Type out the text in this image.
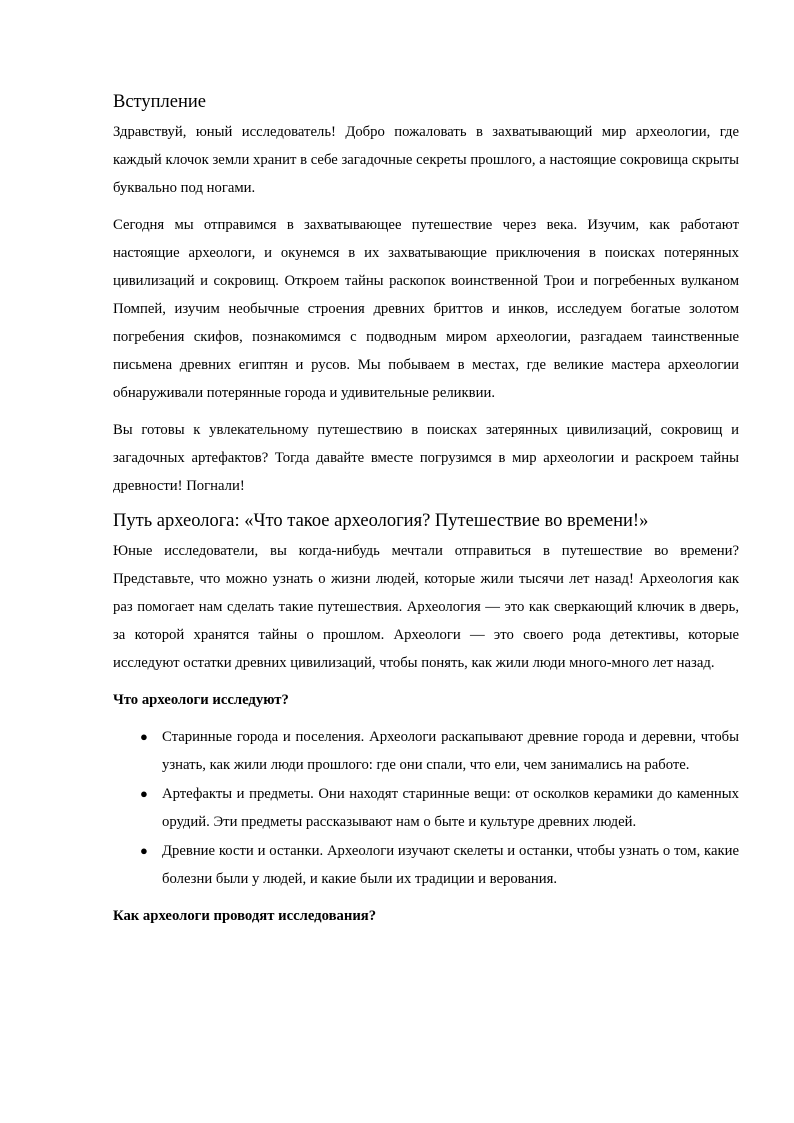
Вступление

Здравствуй, юный исследователь! Добро пожаловать в захватывающий мир археологии, где каждый клочок земли хранит в себе загадочные секреты прошлого, а настоящие сокровища скрыты буквально под ногами.

Сегодня мы отправимся в захватывающее путешествие через века. Изучим, как работают настоящие археологи, и окунемся в их захватывающие приключения в поисках потерянных цивилизаций и сокровищ. Откроем тайны раскопок воинственной Трои и погребенных вулканом Помпей, изучим необычные строения древних бриттов и инков, исследуем богатые золотом погребения скифов, познакомимся с подводным миром археологии, разгадаем таинственные письмена древних египтян и русов. Мы побываем в местах, где великие мастера археологии обнаруживали потерянные города и удивительные реликвии.

Вы готовы к увлекательному путешествию в поисках затерянных цивилизаций, сокровищ и загадочных артефактов? Тогда давайте вместе погрузимся в мир археологии и раскроем тайны древности! Погнали!

Путь археолога: «Что такое археология? Путешествие во времени!»

Юные исследователи, вы когда-нибудь мечтали отправиться в путешествие во времени? Представьте, что можно узнать о жизни людей, которые жили тысячи лет назад! Археология как раз помогает нам сделать такие путешествия. Археология — это как сверкающий ключик в дверь, за которой хранятся тайны о прошлом. Археологи — это своего рода детективы, которые исследуют остатки древних цивилизаций, чтобы понять, как жили люди много-много лет назад.

Что археологи исследуют?

● Старинные города и поселения. Археологи раскапывают древние города и деревни, чтобы узнать, как жили люди прошлого: где они спали, что ели, чем занимались на работе.
● Артефакты и предметы. Они находят старинные вещи: от осколков керамики до каменных орудий. Эти предметы рассказывают нам о быте и культуре древних людей.
● Древние кости и останки. Археологи изучают скелеты и останки, чтобы узнать о том, какие болезни были у людей, и какие были их традиции и верования.

Как археологи проводят исследования?
